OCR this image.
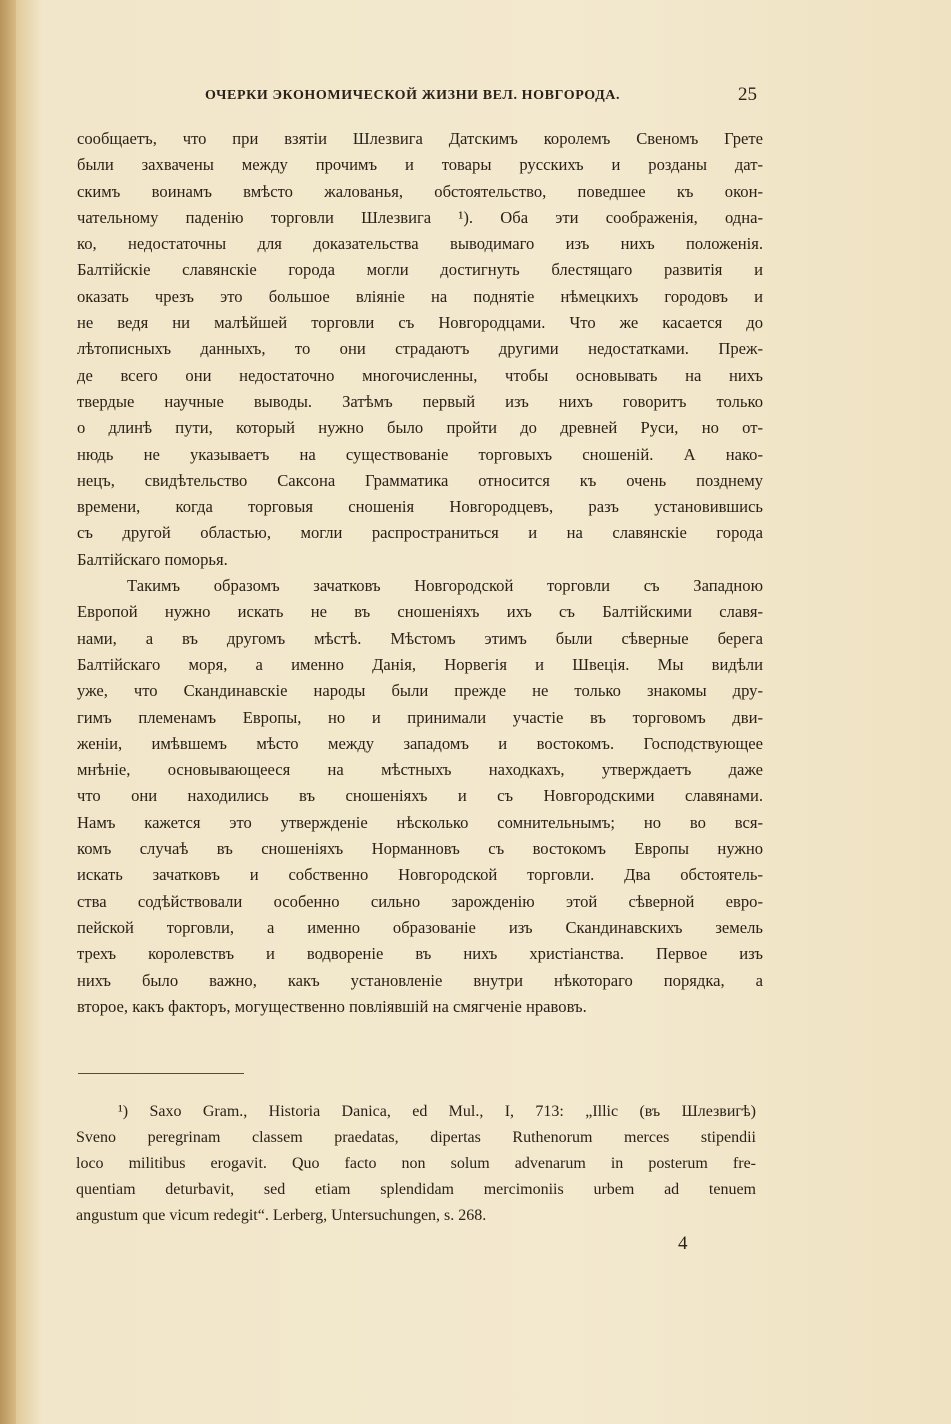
ОЧЕРКИ ЭКОНОМИЧЕСКОЙ ЖИЗНИ ВЕЛ. НОВГОРОДА.	25
сообщаетъ, что при взятіи Шлезвига Датскимъ королемъ Свеномъ Грете
были захвачены между прочимъ и товары русскихъ и розданы дат-
скимъ воинамъ вмѣсто жалованья, обстоятельство, поведшее къ окон-
чательному паденію торговли Шлезвига ¹). Оба эти соображенія, одна-
ко, недостаточны для доказательства выводимаго изъ нихъ положенія.
Балтійскіе славянскіе города могли достигнуть блестящаго развитія и
оказать чрезъ это большое вліяніе на поднятіе нѣмецкихъ городовъ и
не ведя ни малѣйшей торговли съ Новгородцами. Что же касается до
лѣтописныхъ данныхъ, то они страдаютъ другими недостатками. Преж-
де всего они недостаточно многочисленны, чтобы основывать на нихъ
твердые научные выводы. Затѣмъ первый изъ нихъ говоритъ только
о длинѣ пути, который нужно было пройти до древней Руси, но от-
нюдь не указываетъ на существованіе торговыхъ сношеній. А нако-
нецъ, свидѣтельство Саксона Грамматика относится къ очень позднему
времени, когда торговыя сношенія Новгородцевъ, разъ установившись
съ другой областью, могли распространиться и на славянскіе города
Балтійскаго поморья.
Такимъ образомъ зачатковъ Новгородской торговли съ Западною
Европой нужно искать не въ сношеніяхъ ихъ съ Балтійскими славя-
нами, а въ другомъ мѣстѣ. Мѣстомъ этимъ были сѣверные берега
Балтійскаго моря, а именно Данія, Норвегія и Швеція. Мы видѣли
уже, что Скандинавскіе народы были прежде не только знакомы дру-
гимъ племенамъ Европы, но и принимали участіе въ торговомъ дви-
женіи, имѣвшемъ мѣсто между западомъ и востокомъ. Господствующее
мнѣніе, основывающееся на мѣстныхъ находкахъ, утверждаетъ даже
что они находились въ сношеніяхъ и съ Новгородскими славянами.
Намъ кажется это утвержденіе нѣсколько сомнительнымъ; но во вся-
комъ случаѣ въ сношеніяхъ Норманновъ съ востокомъ Европы нужно
искать зачатковъ и собственно Новгородской торговли. Два обстоятель-
ства содѣйствовали особенно сильно зарожденію этой сѣверной евро-
пейской торговли, а именно образованіе изъ Скандинавскихъ земель
трехъ королевствъ и водвореніе въ нихъ христіанства. Первое изъ
нихъ было важно, какъ установленіе внутри нѣкотораго порядка, а
второе, какъ факторъ, могущественно повліявшій на смягченіе нравовъ.
¹) Saxo Gram., Historia Danica, ed Mul., I, 713: „Illic (въ Шлезвигѣ)
Sveno peregrinam classem praedatas, dipertas Ruthenorum merces stipendii
loco militibus erogavit. Quo facto non solum advenarum in posterum fre-
quentiam deturbavit, sed etiam splendidam mercimoniis urbem ad tenuem
angustum que vicum redegit“. Lerberg, Untersuchungen, s. 268.
4
